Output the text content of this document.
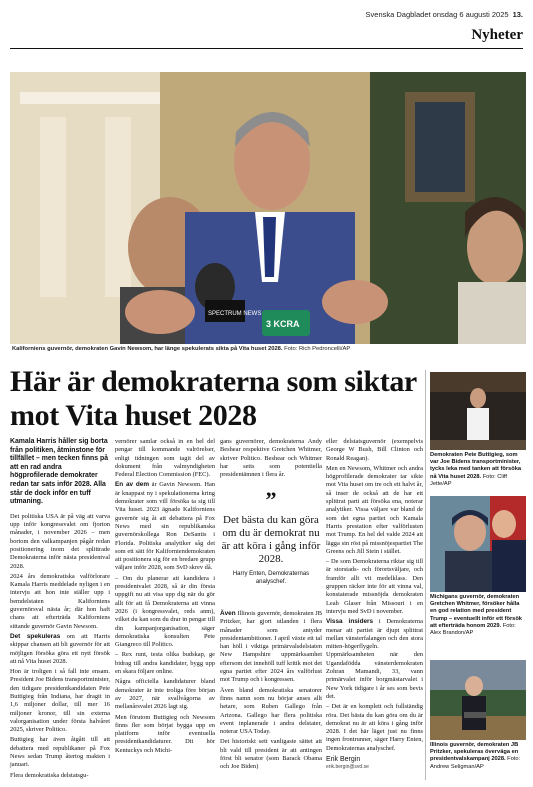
Svenska Dagbladet onsdag 6 augusti 2025 13.
Nyheter
SPECTRUM NEWS
3 KCRA
Kaliforniens guvernör, demokraten Gavin Newsom, har länge spekulerats sikta på Vita huset 2028. Foto: Rich Pedroncelli/AP
Här är demokraterna som siktar mot Vita huset 2028

Kamala Harris håller sig borta från politiken, åtminstone för tillfället – men tecken finns på att en rad andra högprofilerade demokrater redan tar sats inför 2028. Alla står de dock inför en tuff utmaning.

Det politiska USA är på väg att varva upp inför kongressvalet om fjorton månader, i november 2026 – men bortom den valkampanjen pågår redan positionering inom det splittrade Demokraterna inför nästa presidentval 2028.

2024 års demokratiska valförlorare Kamala Harris meddelade nyligen i en intervju att hon inte ställer upp i bemdelstaten Kaliforniens guvernörsval nästa år; där hon haft chans att efterträda Kaliforniens sittande guvernör Gavin Newsom.

Det spekuleras om att Harris skippar chansen att bli guvernör för att möjligen försöka göra ett nytt försök att nå Vita huset 2028.

Hon är troligen i så fall inte ensam. President Joe Bidens transportminister, den tidigare presidentkandidaten Pete Buttigieg från Indiana, har dragit in 1,6 miljoner dollar, till mer 16 miljoner kronor, till sin externa valorganisation under första halvåret 2025, skriver Politico.

Buttigieg har även åtgått till att debattera med republikaner på Fox News sedan Trump återtog makten i januari.

Flera demokratiska delstatsgu-

vernörer samlar också in en hel del pengar till kommande valrörelser, enligt tidningen som tagit del av dokument från valmyndigheten Federal Election Commission (FEC).

En av dem är Gavin Newsom. Han är knappast ny i spekulationerna kring demokrater som vill försöka ta sig till Vita huset. 2023 ägnade Kaliforniens guvernör sig åt att debattera på Fox News med sin republikanska guvernörskollega Ron DeSantis i Florida. Politiska analytiker såg det som ett sätt för Kaliforniendemokraten att positionera sig för en bredare grupp väljare inför 2028, som SvD skrev då.

– Om du planerar att kandidera i presidentvalet 2028, så är din första uppgift nu att visa upp dig när du gör allt för att få Demokraterna att vinna 2026 (i kongressvalet, reds anm), vilket du kan som du drar in pengar till din kampanjorganisation, säger demokratiska konsulten Pete Giangreco till Politico.

– Rex runt, testa olika budskap, ge bidrag till andra kandidater, bygg upp en skara följare online.

Några officiella kandidaturer bland demokrater är inte troliga före början av 2027, när svallvågorna av mellanårsvalet 2026 lagt sig.

Men förutom Buttigieg och Newsom finns fler som börjat bygga upp en plattform inför eventuella presidentkandidaturer. Dit hör Kentuckys och Michi-

gans guvernörer, demokraterna Andy Beshear respektive Gretchen Whitmer, skriver Politico. Beshear och Whitmer har setts som potentiella presidentämnen i flera år.

”
Det bästa du kan göra om du är demokrat nu är att köra i gång inför 2028.
Harry Enten, Demokraternas analyschef.

Även Illinois guvernör, demokraten JB Pritzker, har gjort utlanden i flera månader som antyder presidentambitioner. I april växte ett tal han höll i viktiga primärvalsdelstaten New Hampshire uppmärksamhet eftersom det innehöll tuff kritik mot det egna partiet efter 2024 års valförlust mot Trump och i kongressen.

Även bland demokratiska senatorer finns namn som nu börjar anses allt hetare, som Ruben Gallego från Arizona. Gallego har flera politiska event inplanerade i andra delstater, noterar USA Today.

Det historiskt sett vanligaste sättet att bli vald till president är att antingen först bli senator (som Barack Obama och Joe Biden)

eller delstatsguvernör (exempelvis George W Bush, Bill Clinton och Ronald Reagan).

Men en Newsom, Whitmer och andra högprofilerade demokrater tar sikte mot Vita huset om tre och ett halvt år, så inser de också att de har ett splittrat parti att försöka ena, noterar analytiker. Vissa väljare var bland de som det egna partiet och Kamala Harris prestation efter valförlusten mot Trump. En hel del valde 2024 att lägga sin röst på missnöjespartiet The Greens och Jill Stein i stället.

– De som Demokraterna riktar sig till är storstads- och förortsväljare, och framför allt vit medelklass. Den gruppen räcker inte för att vinna val, konstaterade missnöjda demokraten Leah Glaser från Missouri i en intervju med SvD i november.

Vissa insiders i Demokraterna menar att partiet är djupt splittrat mellan vänsterfalangen och den stora mitten-högerflygeln. Uppmärksamheten när den Ugandafödda vänsterdemokraten Zohran Mamandi, 33, vann primärvalet inför borgmästarvalet i New York tidigare i år ses som bevis det.

– Det är en komplett och fullständig röra. Det bästa du kan göra om du är demokrat nu är att köra i gång inför 2028. I det här läget just nu finns ingen frontrunner, säger Harry Enten, Demokraternas analyschef.

Erik Bergin
erik.bergin@svd.se
Demokraten Pete Buttigieg, som var Joe Bidens transportminister, tycks leka med tanken att försöka nå Vita huset 2028. Foto: Cliff Jette/AP
Michigans guvernör, demokraten Gretchen Whitmer, försöker hålla en god relation med president Trump – eventuellt inför ett försök att efterträda honom 2029. Foto: Alex Brandon/AP
Illinois guvernör, demokraten JB Pritzker, spekuleras övervägа en presidentvalskampanj 2028. Foto: Andrew Seligman/AP
